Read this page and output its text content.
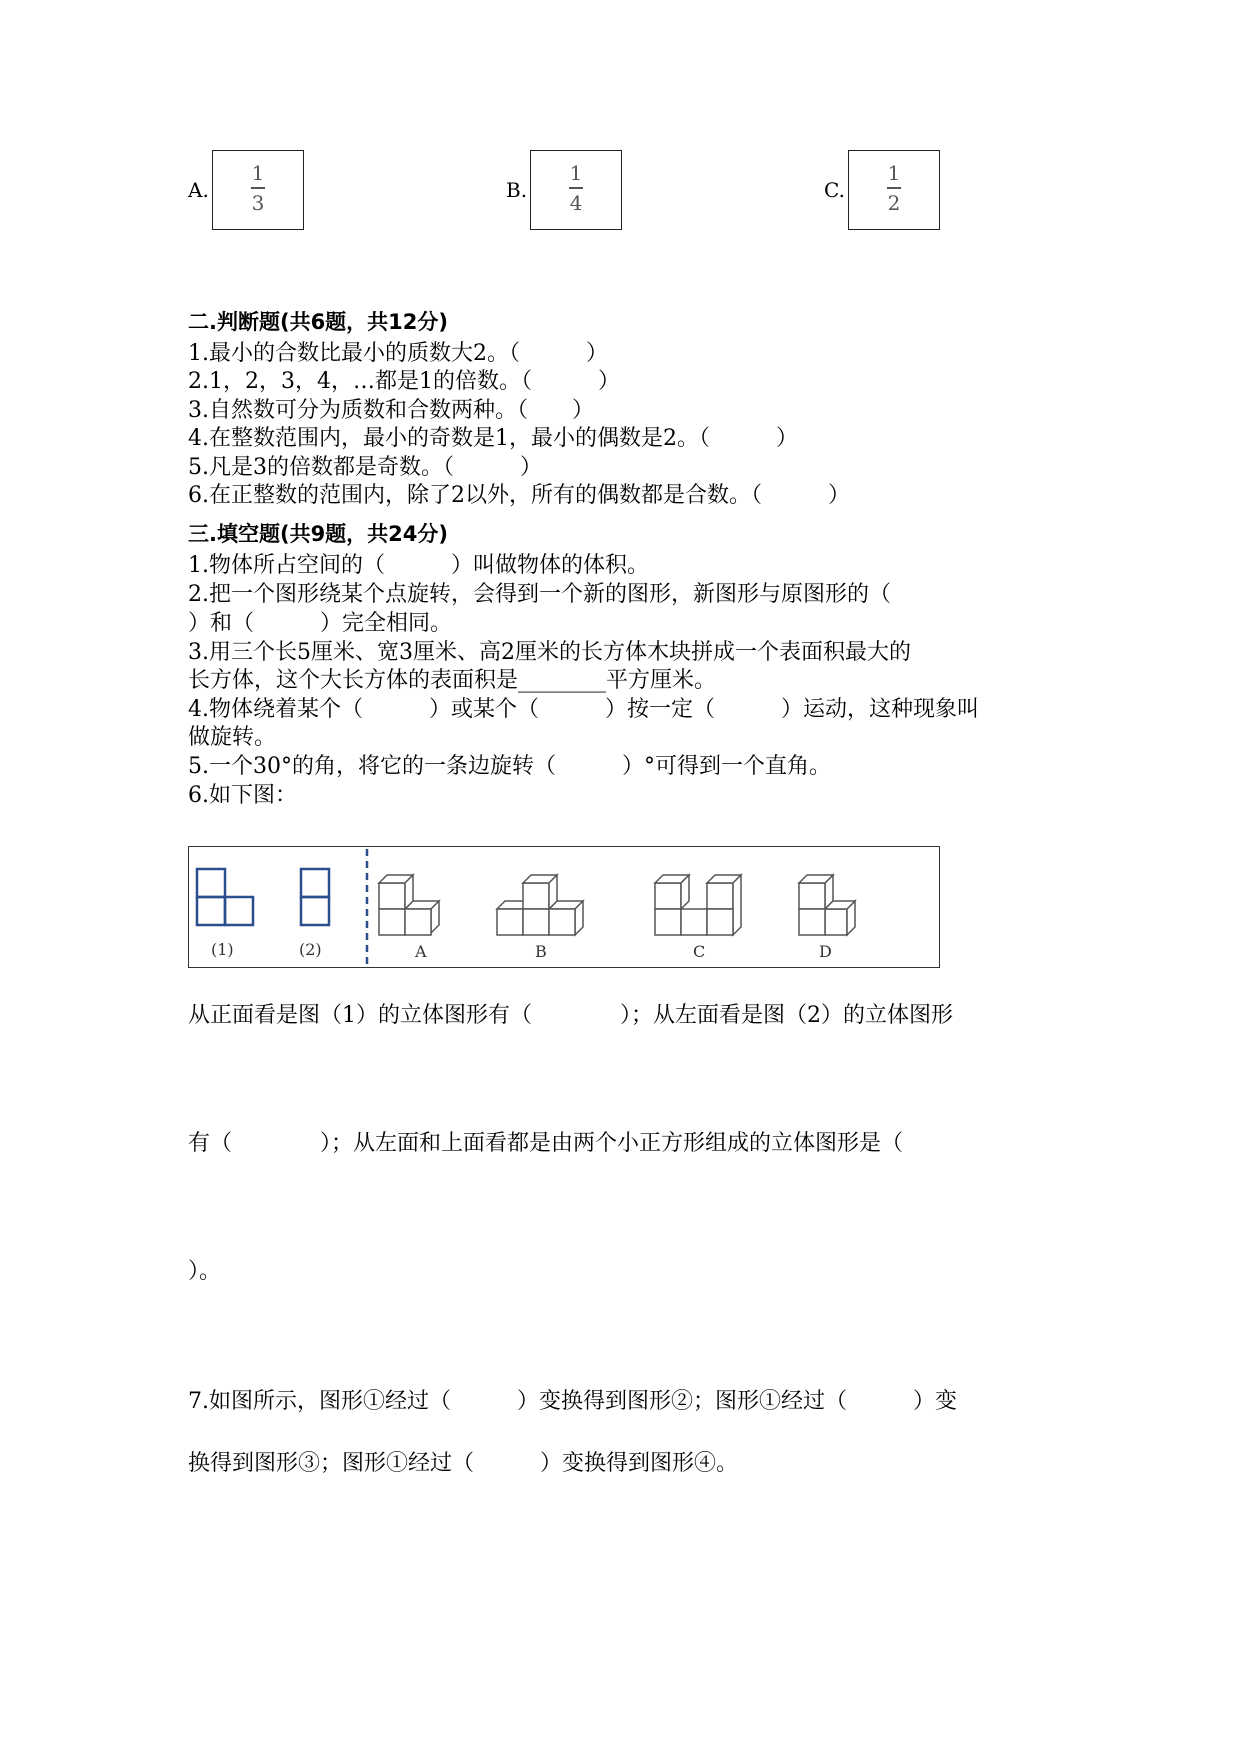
A.
1
3
B.
1
4
C.
1
2
二.判断题(共6题，共12分)
1.最小的合数比最小的质数大2。（　　　）
2.1，2，3，4，…都是1的倍数。（　　　）
3.自然数可分为质数和合数两种。（　　）
4.在整数范围内，最小的奇数是1，最小的偶数是2。（　　　）
5.凡是3的倍数都是奇数。（　　　）
6.在正整数的范围内，除了2以外，所有的偶数都是合数。（　　　）
三.填空题(共9题，共24分)
1.物体所占空间的（　　　）叫做物体的体积。
2.把一个图形绕某个点旋转，会得到一个新的图形，新图形与原图形的（
）和（　　　）完全相同。
3.用三个长5厘米、宽3厘米、高2厘米的长方体木块拼成一个表面积最大的
长方体，这个大长方体的表面积是________平方厘米。
4.物体绕着某个（　　　）或某个（　　　）按一定（　　　）运动，这种现象叫
做旋转。
5.一个30°的角，将它的一条边旋转（　　　）°可得到一个直角。
6.如下图：
(1)	(2)	A	B	C	D
从正面看是图（1）的立体图形有（　　　　）；从左面看是图（2）的立体图形
有（　　　　）；从左面和上面看都是由两个小正方形组成的立体图形是（
）。
7.如图所示，图形①经过（　　　）变换得到图形②；图形①经过（　　　）变
换得到图形③；图形①经过（　　　）变换得到图形④。
